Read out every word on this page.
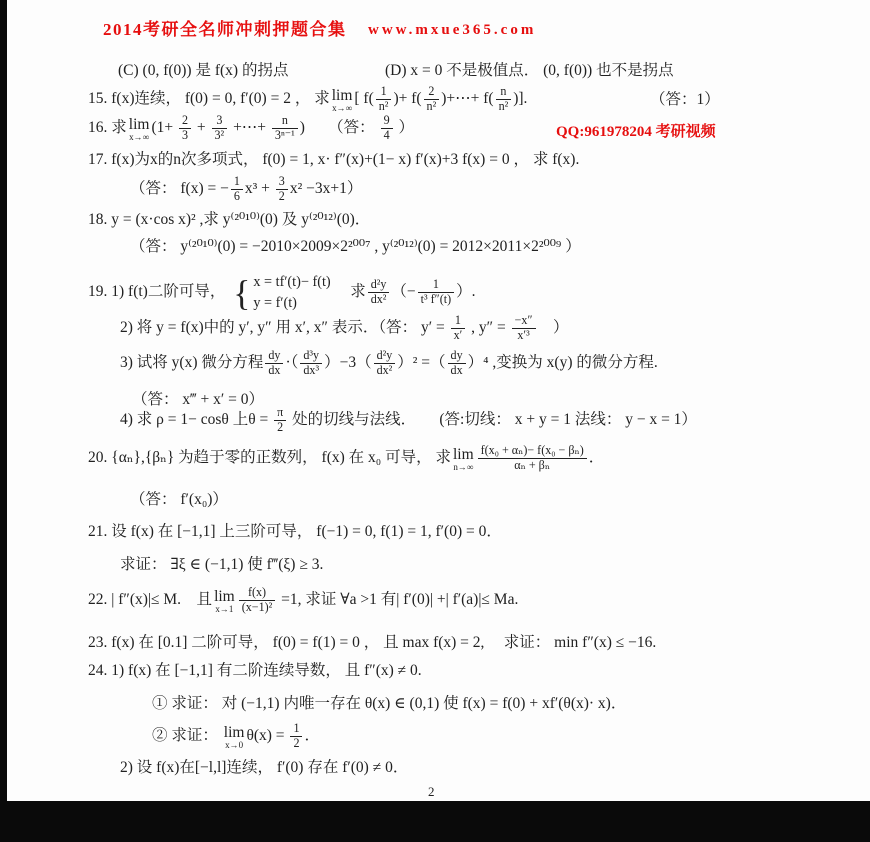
2014考研全名师冲刺押题合集 www.mxue365.com
(C) (0, f(0)) 是 f(x) 的拐点	(D) x = 0 不是极值点． (0, f(0)) 也不是拐点
15. f(x)连续， f(0) = 0, f′(0) = 2 ， 求 lim
x→∞
[ $f( \frac{1}{\text{n²}}$ )+ $f( \frac{2}{\text{n²}}$ )+⋯+ $f( \frac{n}{\text{n²}}$ )].	（答：1）
16. 求 lim
x→∞
($1+ \frac{2}{3} + \frac{3}{\text{3²}}$ +⋯+ $\frac{n}{\text{3ⁿ⁻¹}}$ )　　（答： $\frac{9}{4}$ ）	QQ:961978204 考研视频
17. f(x)为x的n次多项式， f(0) = 1, x· f″(x)+(1− x) f′(x)+3 f(x) = 0 ， 求 f(x).
（答： f(x) = − $\frac{1}{6} x^3 + \frac{3}{2} x^2 -3x+1$）
18. y = (x·cos x)² ,求 y⁽²⁰¹⁰⁾(0) 及 y⁽²⁰¹²⁾(0)．
（答： y⁽²⁰¹⁰⁾(0) = −2010×2009×2²⁰⁰⁷ , y⁽²⁰¹²⁾(0) = 2012×2011×2²⁰⁰⁹ ）
19. 1) f(t)二阶可导， { x = tf′(t)− f(t)
y = f′(t)
　求 $\frac{\text{d²y}}{\text{dx²}}$ （− $\frac{1}{\text{t³ f″(t)}}$ ）.
2) 将 y = f(x)中的 y′, y″ 用 x′, x″ 表示．（答： $y' = \frac{1}{x'}$ , $y'' = \frac{-x''}{\text{x′³}}$ 　）
3) 试将 y(x) 微分方程 $\frac{dy}{dx}$ ·（ $\frac{\text{d³y}}{\text{dx³}} )-3( \frac{\text{d²y}}{\text{dx²}} )^2$ =（ $\frac{dy}{dx} )^4$ ,变换为 x(y) 的微分方程.
（答： x‴ + x′ = 0）
4) 求 ρ = 1− cosθ 上$\theta = \frac{\pi}{2}$ 处的切线与法线．　　(答:切线： x + y = 1 法线： y − x = 1）
20. {αₙ},{βₙ} 为趋于零的正数列， f(x) 在 x₀ 可导， 求 lim
$n\to\infty \frac{\text{f(x₀ + αₙ)− f(x₀ − βₙ)}}{\text{αₙ + βₙ}}$ ．
（答： f′(x₀)）
21. 设 f(x) 在 [−1,1] 上三阶可导， f(−1) = 0, f(1) = 1, f′(0) = 0．
求证： ∃ξ ∈ (−1,1) 使 f‴(ξ) ≥ 3.
22. | f″(x)|≤ M.　且 lim
$x\to 1 \frac{f(x)}{\text{(x−1)²}} =1$, 求证 ∀a >1 有| f′(0)| +| f′(a)|≤ Ma.
23. f(x) 在 [0.1] 二阶可导， f(0) = f(1) = 0 ， 且 max f(x) = 2,　 求证： min f″(x) ≤ −16.
24. 1) f(x) 在 [−1,1] 有二阶连续导数， 且 f″(x) ≠ 0.
① 求证： 对 (−1,1) 内唯一存在 θ(x) ∈ (0,1) 使 f(x) = f(0) + xf′(θ(x)· x)．
② 求证： lim
x→0
$\theta(x) = \frac{1}{2}$ ．
2) 设 f(x)在[−l,l]连续， f′(0) 存在 f′(0) ≠ 0．
2
